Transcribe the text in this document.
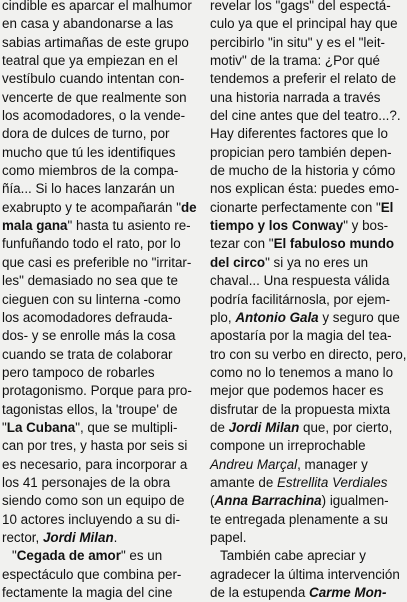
cindible es aparcar el malhumor
en casa y abandonarse a las
sabias artimañas de este grupo
teatral que ya empiezan en el
vestíbulo cuando intentan con-
vencerte de que realmente son
los acomodadores, o la vende-
dora de dulces de turno, por
mucho que tú les identifiques
como miembros de la compa-
ñía... Si lo haces lanzarán un
exabrupto y te acompañarán "de
mala gana" hasta tu asiento re-
funfuñando todo el rato, por lo
que casi es preferible no "irritar-
les" demasiado no sea que te
cieguen con su linterna -como
los acomodadores defrauda-
dos- y se enrolle más la cosa
cuando se trata de colaborar
pero tampoco de robarles
protagonismo. Porque para pro-
tagonistas ellos, la 'troupe' de
"La Cubana", que se multipli-
can por tres, y hasta por seis si
es necesario, para incorporar a
los 41 personajes de la obra
siendo como son un equipo de
10 actores incluyendo a su di-
rector, Jordi Milan.
"Cegada de amor" es un
espectáculo que combina per-
fectamente la magia del cine
revelar los "gags" del espectá-
culo ya que el principal hay que
percibirlo "in situ" y es el "leit-
motiv" de la trama: ¿Por qué
tendemos a preferir el relato de
una historia narrada a través
del cine antes que del teatro...?.
Hay diferentes factores que lo
propician pero también depen-
de mucho de la historia y cómo
nos explican ésta: puedes emo-
cionarte perfectamente con "El
tiempo y los Conway" y bos-
tezar con "El fabuloso mundo
del circo" si ya no eres un
chaval... Una respuesta válida
podría facilitárnosla, por ejem-
plo, Antonio Gala y seguro que
apostaría por la magia del tea-
tro con su verbo en directo, pero,
como no lo tenemos a mano lo
mejor que podemos hacer es
disfrutar de la propuesta mixta
de Jordi Milan que, por cierto,
compone un irreprochable
Andreu Marçal, manager y
amante de Estrellita Verdiales
(Anna Barrachina) igualmen-
te entregada plenamente a su
papel.
También cabe apreciar y
agradecer la última intervención
de la estupenda Carme Mon-
